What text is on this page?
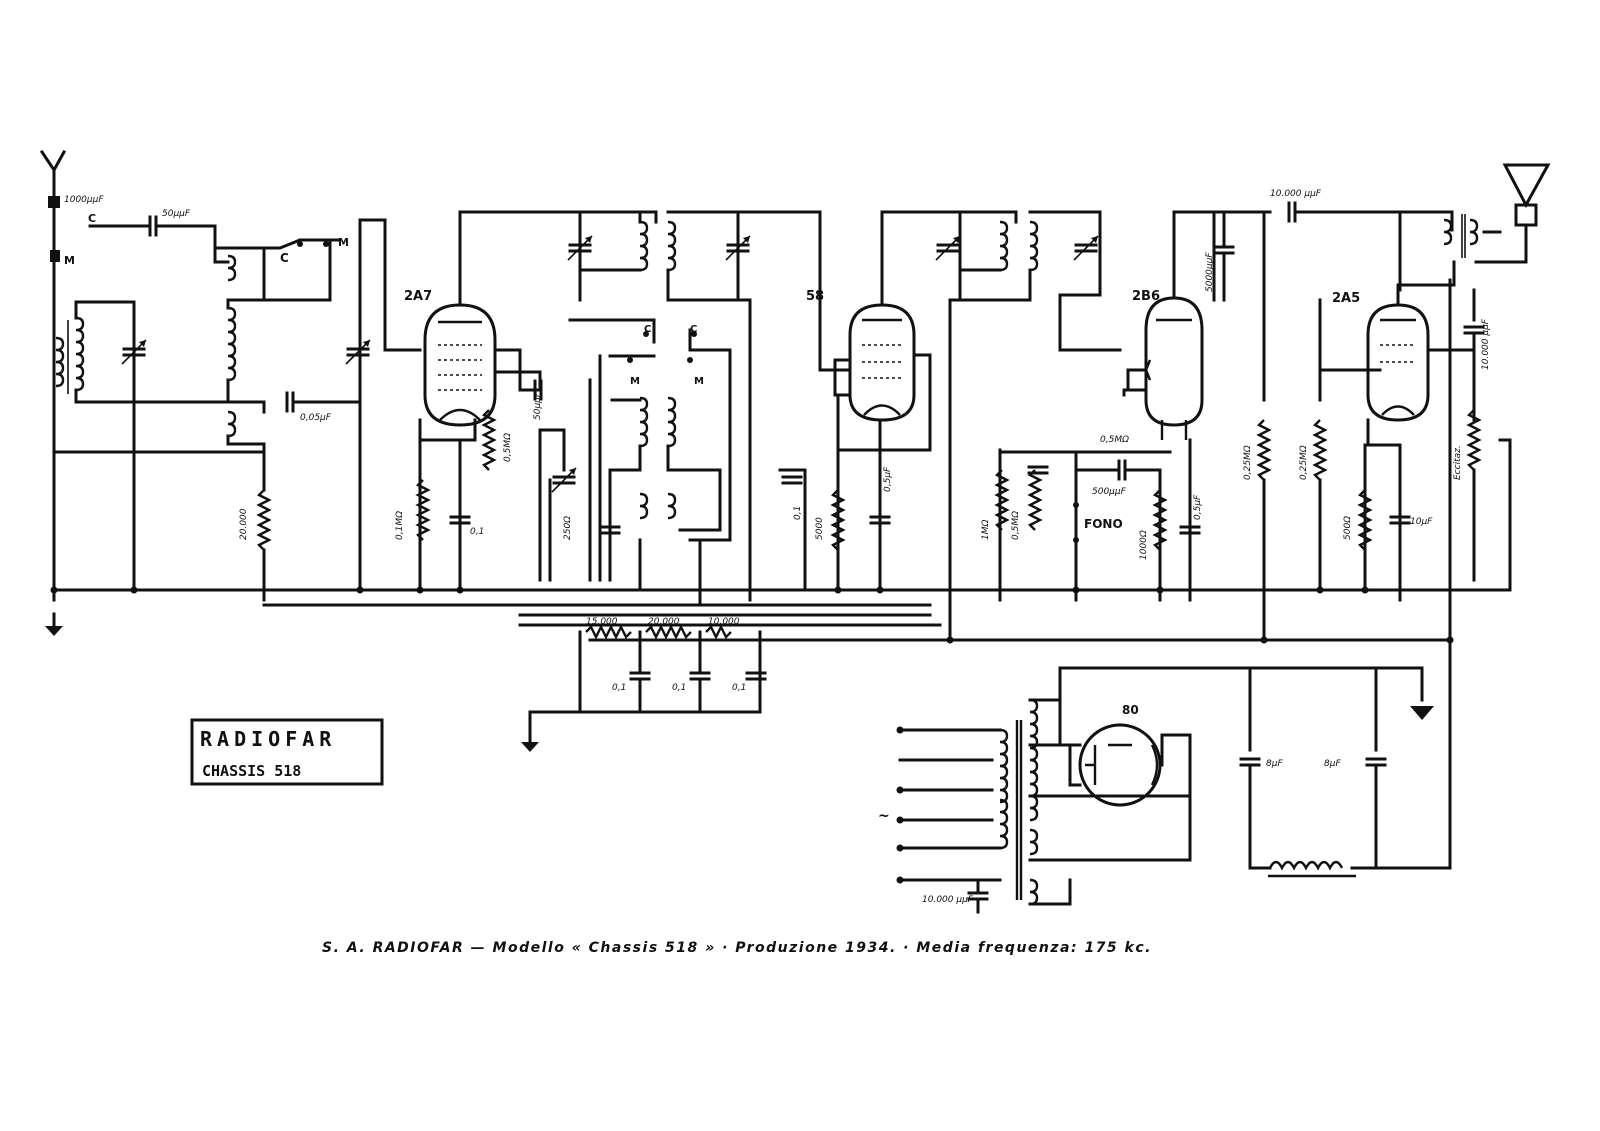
1000μμF
M
C	50μμF
C
M
0,05μF
20.000
2A7
0,1MΩ
0,5MΩ
0,1
50μμF
C	C
M	M
250Ω
58
5000
0,5μF
0,1
2B6
5000μμF
10.000 μμF
1MΩ 0,5MΩ	FONO
500μμF
0,5MΩ
1000Ω
0,5μF
0,25MΩ	0,25MΩ
2A5
500Ω	10μF
10.000 μμF
Eccitaz.
15.000	20.000	10.000
0,1	0,1	0,1
~
10.000 μμF
80
8μF	8μF
RADIOFAR
CHASSIS 518
S. A. RADIOFAR — Modello « Chassis 518 » · Produzione 1934. · Media frequenza: 175 kc.
